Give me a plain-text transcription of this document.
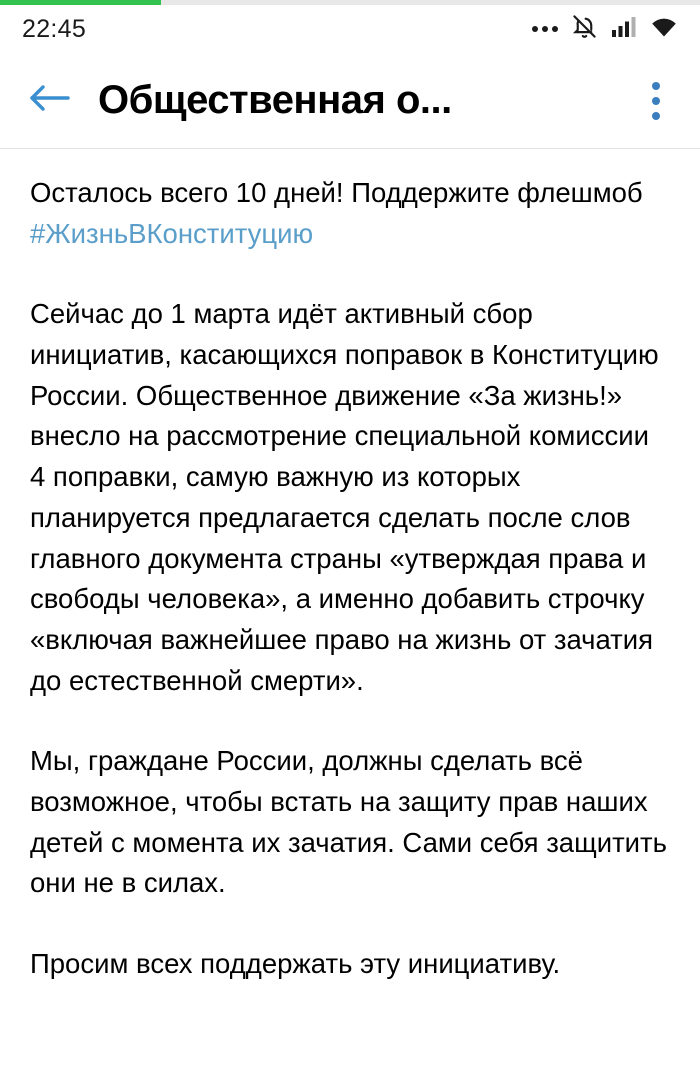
22:45
Общественная о...

Осталось всего 10 дней! Поддержите флешмоб #ЖизньВКонституцию

Сейчас до 1 марта идёт активный сбор инициатив, касающихся поправок в Конституцию России. Общественное движение «За жизнь!» внесло на рассмотрение специальной комиссии 4 поправки, самую важную из которых планируется предлагается сделать после слов главного документа страны «утверждая права и свободы человека», а именно добавить строчку «включая важнейшее право на жизнь от зачатия до естественной смерти».

Мы, граждане России, должны сделать всё возможное, чтобы встать на защиту прав наших детей с момента их зачатия. Сами себя защитить они не в силах.

Просим всех поддержать эту инициативу.
